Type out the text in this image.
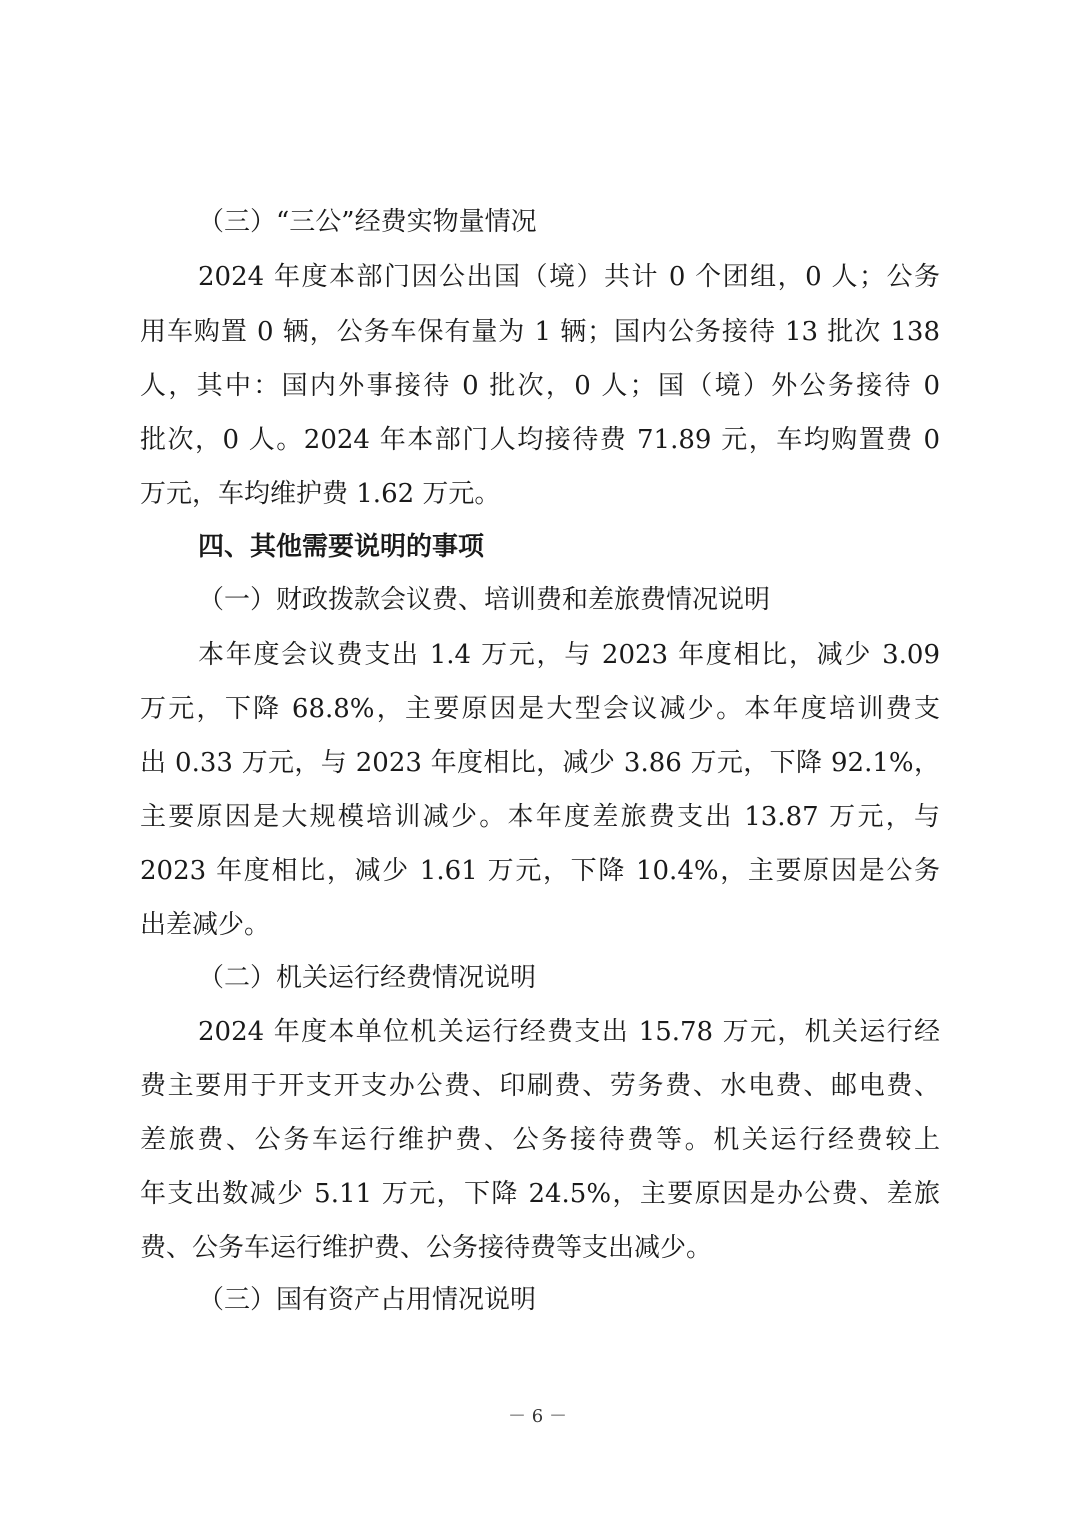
（三）“三公”经费实物量情况
2024 年度本部门因公出国（境）共计 0 个团组，0 人；公务
用车购置 0 辆，公务车保有量为 1 辆；国内公务接待 13 批次 138
人，其中：国内外事接待 0 批次，0 人；国（境）外公务接待 0
批次，0 人。2024 年本部门人均接待费 71.89 元，车均购置费 0
万元，车均维护费 1.62 万元。
四、其他需要说明的事项
（一）财政拨款会议费、培训费和差旅费情况说明
本年度会议费支出 1.4 万元，与 2023 年度相比，减少 3.09
万元，下降 68.8%，主要原因是大型会议减少。本年度培训费支
出 0.33 万元，与 2023 年度相比，减少 3.86 万元，下降 92.1%，
主要原因是大规模培训减少。本年度差旅费支出 13.87 万元，与
2023 年度相比，减少 1.61 万元，下降 10.4%，主要原因是公务
出差减少。
（二）机关运行经费情况说明
2024 年度本单位机关运行经费支出 15.78 万元，机关运行经
费主要用于开支开支办公费、印刷费、劳务费、水电费、邮电费、
差旅费、公务车运行维护费、公务接待费等。机关运行经费较上
年支出数减少 5.11 万元，下降 24.5%，主要原因是办公费、差旅
费、公务车运行维护费、公务接待费等支出减少。
（三）国有资产占用情况说明
－ 6 －
